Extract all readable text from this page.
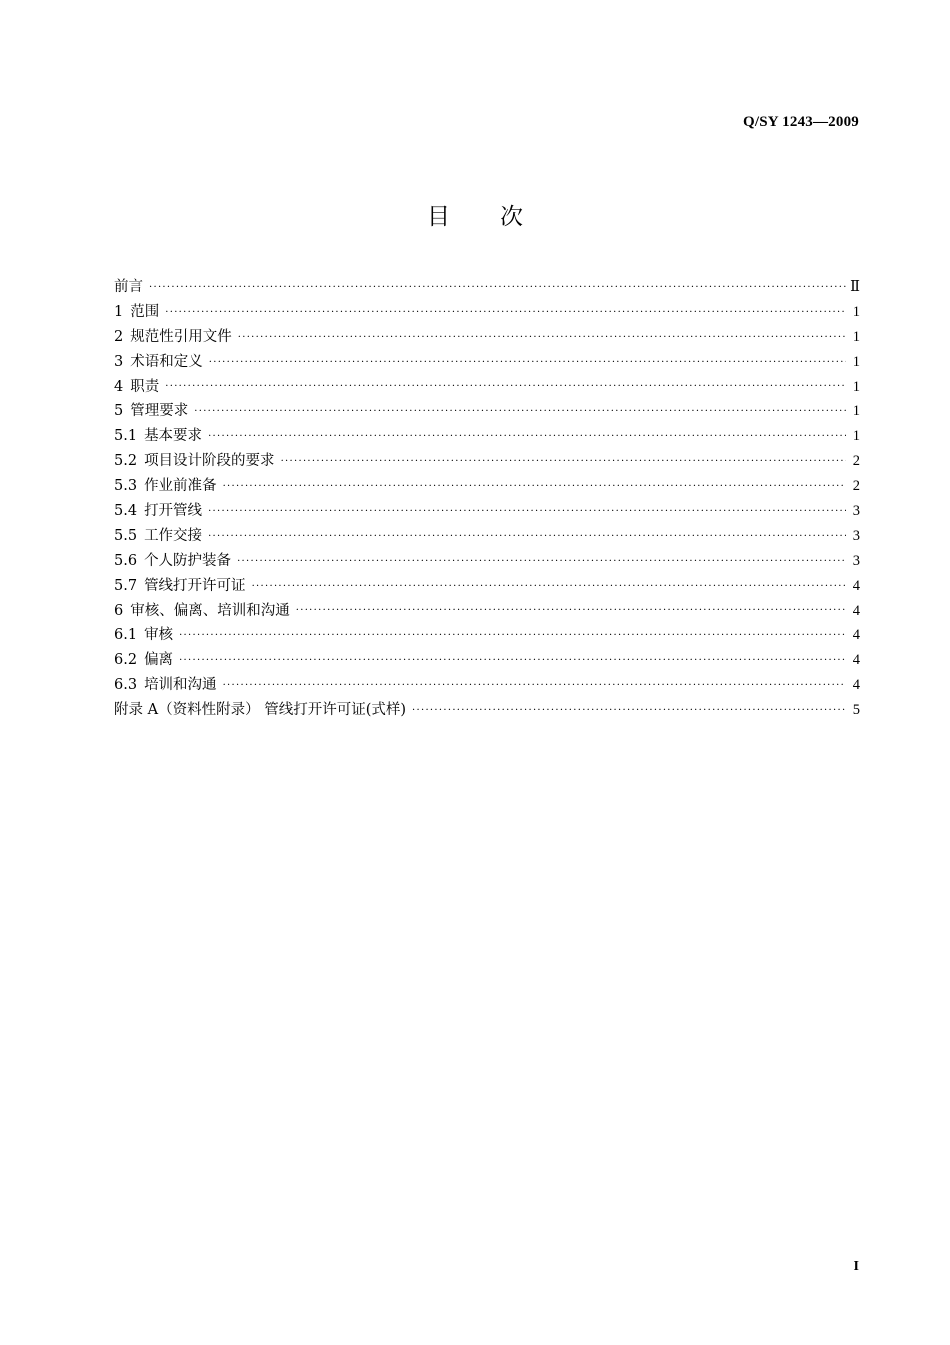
Q/SY 1243—2009
目 次
前言 ·····	Ⅱ
1 范围 ·····	1
2 规范性引用文件 ·····	1
3 术语和定义 ·····	1
4 职责 ·····	1
5 管理要求 ·····	1
5.1 基本要求 ·····	1
5.2 项目设计阶段的要求 ·····	2
5.3 作业前准备 ·····	2
5.4 打开管线 ·····	3
5.5 工作交接 ·····	3
5.6 个人防护装备 ·····	3
5.7 管线打开许可证 ·····	4
6 审核、偏离、培训和沟通 ·····	4
6.1 审核 ·····	4
6.2 偏离 ·····	4
6.3 培训和沟通 ·····	4
附录 A（资料性附录） 管线打开许可证(式样) ·····	5
I
